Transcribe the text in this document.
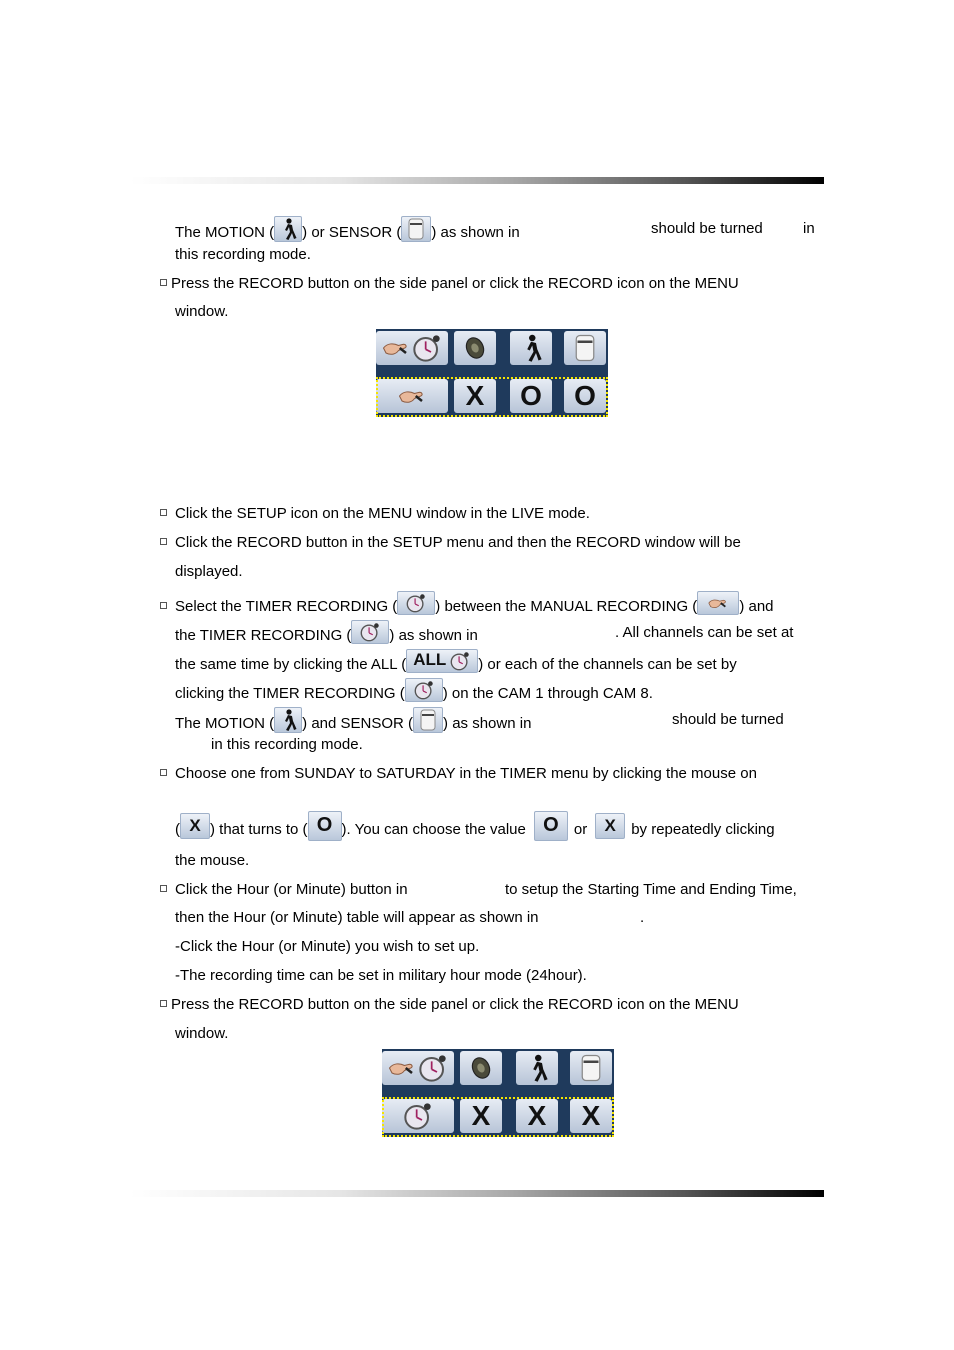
The MOTION ( ) or SENSOR ( ) as shown in	should be turned	in
this recording mode.
Press the RECORD button on the side panel or click the RECORD icon on the MENU
window.
X	O	O
Click the SETUP icon on the MENU window in the LIVE mode.
Click the RECORD button in the SETUP menu and then the RECORD window will be
displayed.
Select the TIMER RECORDING (	) between the MANUAL RECORDING (	) and
the TIMER RECORDING (	) as shown in	. All channels can be set at
the same time by clicking the ALL ( ALL ) or each of the channels can be set by
clicking the TIMER RECORDING (	) on the CAM 1 through CAM 8.
The MOTION ( ) and SENSOR ( ) as shown in	should be turned
in this recording mode.
Choose one from SUNDAY to SATURDAY in the TIMER menu by clicking the mouse on
( X ) that turns to ( O ). You can choose the value O or X by repeatedly clicking
the mouse.
Click the Hour (or Minute) button in	to setup the Starting Time and Ending Time,
then the Hour (or Minute) table will appear as shown in	.
-Click the Hour (or Minute) you wish to set up.
-The recording time can be set in military hour mode (24hour).
Press the RECORD button on the side panel or click the RECORD icon on the MENU
window.
X	X	X
